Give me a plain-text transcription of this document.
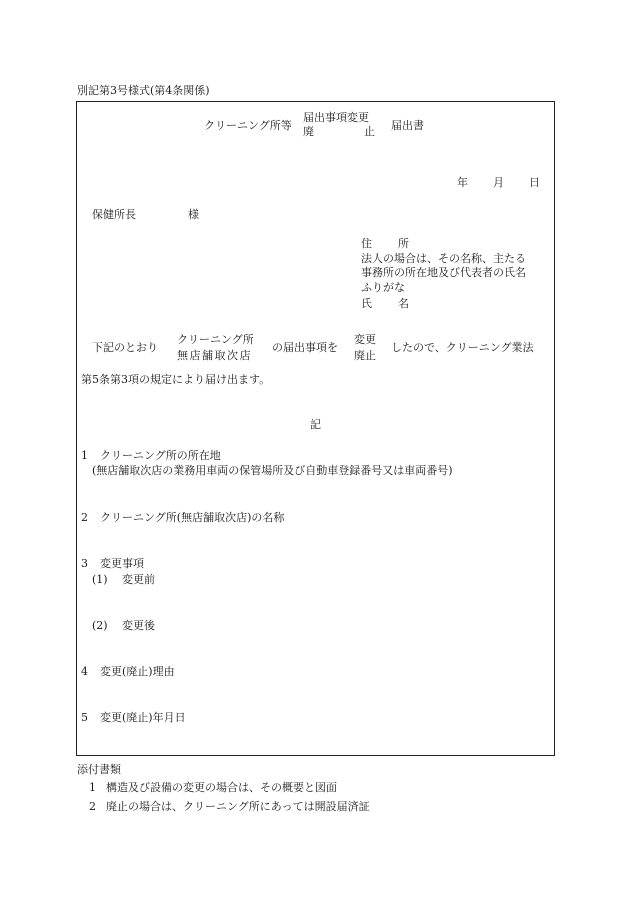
別記第3号様式(第4条関係)
クリーニング所等
届出事項変更
廃	止 届出書
年 月 日
保健所長	様
住 所
法人の場合は、その名称、主たる
事務所の所在地及び代表者の氏名
ふりがな
氏 名
下記のとおり
クリーニング所
無店舗取次店
の届出事項を
変更
廃止
したので、クリーニング業法
第5条第3項の規定により届け出ます。
記
1 クリーニング所の所在地
(無店舗取次店の業務用車両の保管場所及び自動車登録番号又は車両番号)
2 クリーニング所(無店舗取次店)の名称
3 変更事項
(1) 変更前
(2) 変更後
4 変更(廃止)理由
5 変更(廃止)年月日
添付書類
1 構造及び設備の変更の場合は、その概要と図面
2 廃止の場合は、クリーニング所にあっては開設届済証
